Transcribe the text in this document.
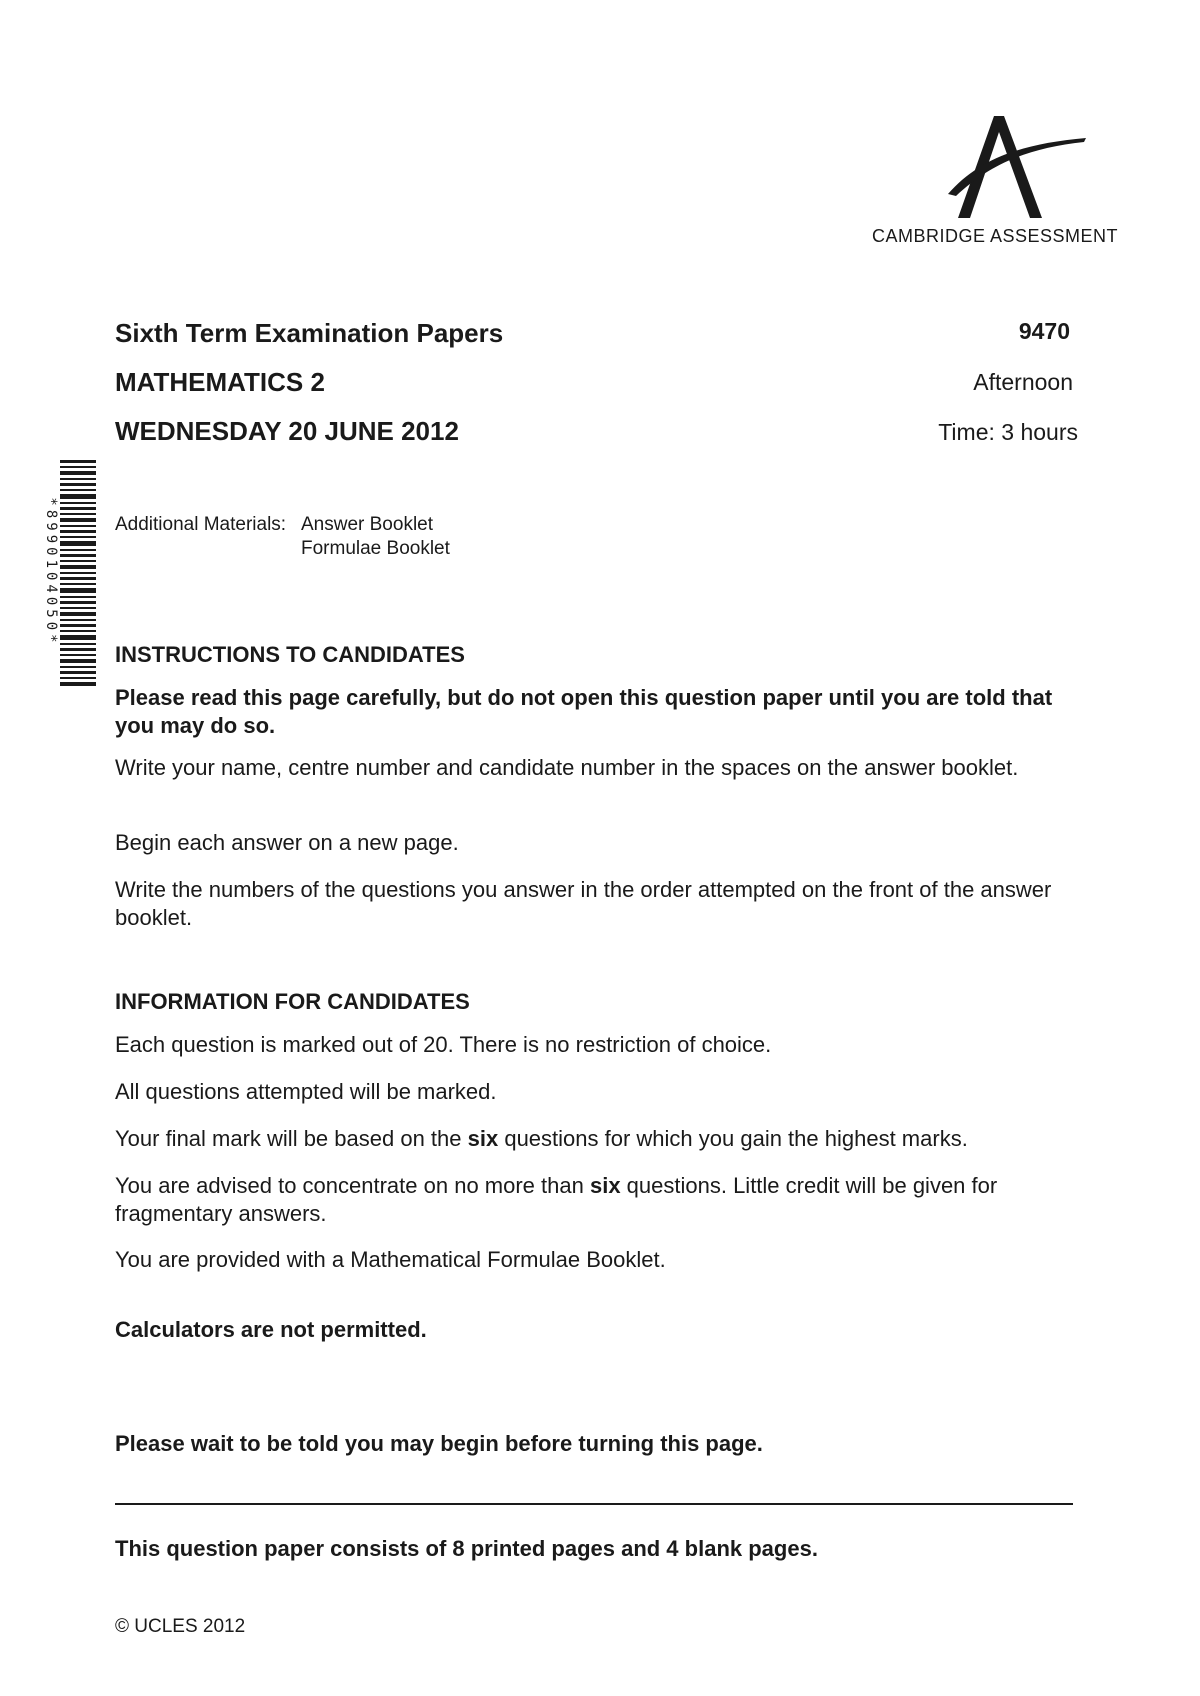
CAMBRIDGE ASSESSMENT
Sixth Term Examination Papers	9470
MATHEMATICS 2	Afternoon
WEDNESDAY 20 JUNE 2012	Time: 3 hours
*8990104050*	Additional Materials: Answer Booklet
Formulae Booklet
INSTRUCTIONS TO CANDIDATES
Please read this page carefully, but do not open this question paper until you are told that you may do so.
Write your name, centre number and candidate number in the spaces on the answer booklet.
Begin each answer on a new page.
Write the numbers of the questions you answer in the order attempted on the front of the answer booklet.
INFORMATION FOR CANDIDATES
Each question is marked out of 20. There is no restriction of choice.
All questions attempted will be marked.
Your final mark will be based on the six questions for which you gain the highest marks.
You are advised to concentrate on no more than six questions. Little credit will be given for fragmentary answers.
You are provided with a Mathematical Formulae Booklet.
Calculators are not permitted.
Please wait to be told you may begin before turning this page.
This question paper consists of 8 printed pages and 4 blank pages.
© UCLES 2012
